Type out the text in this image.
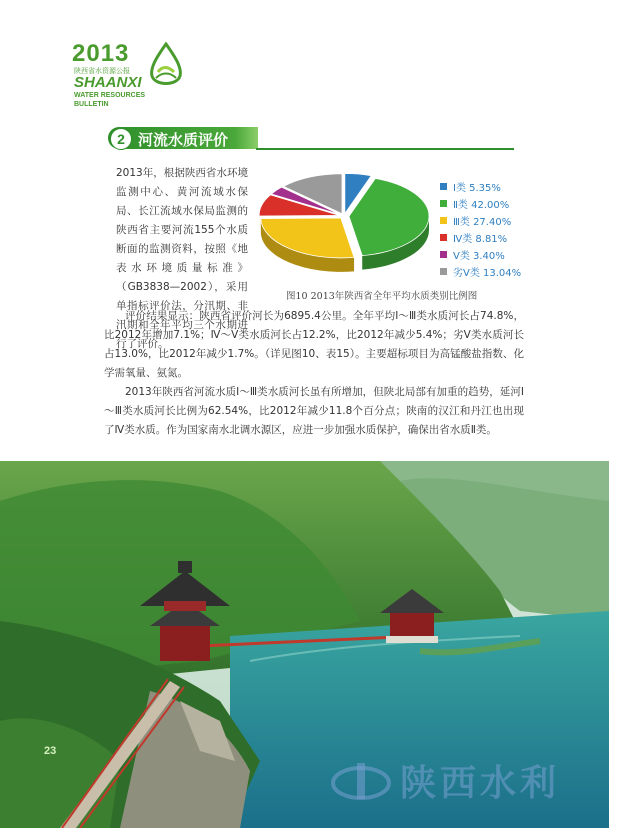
2013
陕西省水资源公报
SHAANXI
WATER RESOURCES
BULLETIN
2 河流水质评价

2013年，根据陕西省水环境监测中心、黄河流域水保局、长江流域水保局监测的陕西省主要河流155个水质断面的监测资料，按照《地表水环境质量标准》（GB3838—2002），采用单指标评价法，分汛期、非汛期和全年平均三个水期进行了评价。

评价结果显示：陕西省评价河长为6895.4公里。全年平均Ⅰ～Ⅲ类水质河长占74.8%，比2012年增加7.1%；Ⅳ～Ⅴ类水质河长占12.2%，比2012年减少5.4%；劣Ⅴ类水质河长占13.0%，比2012年减少1.7%。（详见图10、表15）。主要超标项目为高锰酸盐指数、化学需氧量、氨氮。

2013年陕西省河流水质Ⅰ～Ⅲ类水质河长虽有所增加，但陕北局部有加重的趋势，延河Ⅰ～Ⅲ类水质河长比例为62.54%，比2012年减少11.8个百分点；陕南的汉江和丹江也出现了Ⅳ类水质。作为国家南水北调水源区，应进一步加强水质保护，确保出省水质Ⅱ类。

Ⅰ类 5.35%
Ⅱ类 42.00%
Ⅲ类 27.40%
Ⅳ类 8.81%
Ⅴ类 3.40%
劣Ⅴ类 13.04%
图10 2013年陕西省全年平均水质类别比例图
23
陕西水利
